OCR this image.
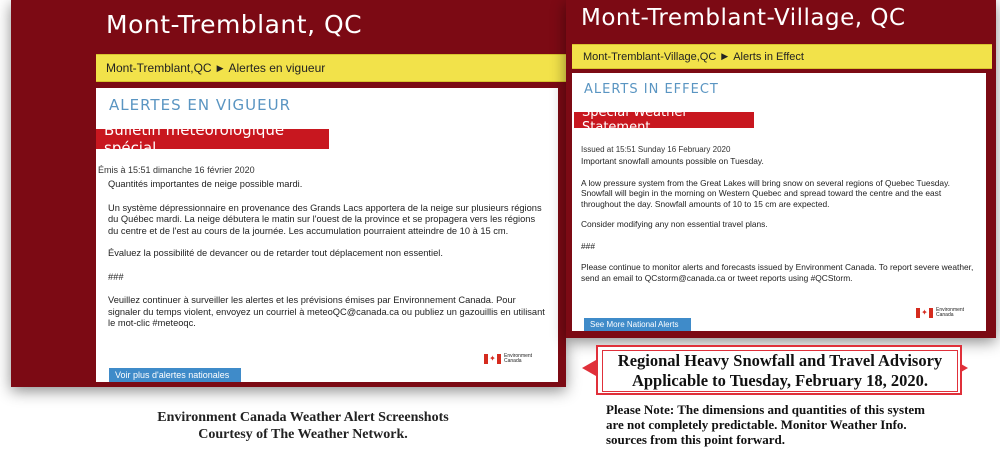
Mont-Tremblant, QC
Mont-Tremblant,QC ▶ Alertes en vigueur
ALERTES EN VIGUEUR
Bulletin météorologique spécial
Émis à 15:51 dimanche 16 février 2020

Quantités importantes de neige possible mardi.

Un système dépressionnaire en provenance des Grands Lacs apportera de la neige sur plusieurs régions du Québec mardi. La neige débutera le matin sur l'ouest de la province et se propagera vers les régions du centre et de l'est au cours de la journée. Les accumulation pourraient atteindre de 10 à 15 cm.

Évaluez la possibilité de devancer ou de retarder tout déplacement non essentiel.

###

Veuillez continuer à surveiller les alertes et les prévisions émises par Environnement Canada. Pour signaler du temps violent, envoyez un courriel à meteoQC@canada.ca ou publiez un gazouillis en utilisant le mot-clic #meteoqc.

✦ Environment
Canada
Voir plus d'alertes nationales
Mont-Tremblant-Village, QC
Mont-Tremblant-Village,QC ▶ Alerts in Effect
ALERTS IN EFFECT
Special Weather Statement
Issued at 15:51 Sunday 16 February 2020

Important snowfall amounts possible on Tuesday.

A low pressure system from the Great Lakes will bring snow on several regions of Quebec Tuesday. Snowfall will begin in the morning on Western Quebec and spread toward the centre and the east throughout the day. Snowfall amounts of 10 to 15 cm are expected.

Consider modifying any non essential travel plans.

###

Please continue to monitor alerts and forecasts issued by Environment Canada. To report severe weather, send an email to QCstorm@canada.ca or tweet reports using #QCStorm.

✦ Environment
Canada
See More National Alerts
Environment Canada Weather Alert Screenshots
Courtesy of The Weather Network.
Regional Heavy Snowfall and Travel Advisory
Applicable to Tuesday, February 18, 2020.
Please Note: The dimensions and quantities of this system
are not completely predictable. Monitor Weather Info.
sources from this point forward.
